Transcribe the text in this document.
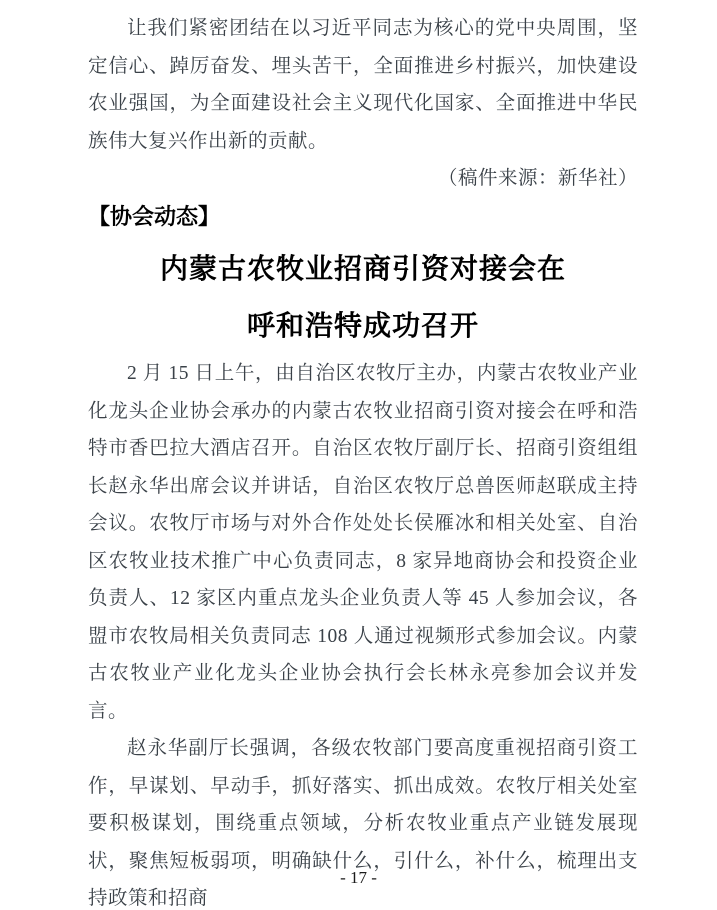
让我们紧密团结在以习近平同志为核心的党中央周围，坚定信心、踔厉奋发、埋头苦干，全面推进乡村振兴，加快建设农业强国，为全面建设社会主义现代化国家、全面推进中华民族伟大复兴作出新的贡献。

（稿件来源：新华社）

【协会动态】
内蒙古农牧业招商引资对接会在
呼和浩特成功召开

2 月 15 日上午，由自治区农牧厅主办，内蒙古农牧业产业化龙头企业协会承办的内蒙古农牧业招商引资对接会在呼和浩特市香巴拉大酒店召开。自治区农牧厅副厅长、招商引资组组长赵永华出席会议并讲话，自治区农牧厅总兽医师赵联成主持会议。农牧厅市场与对外合作处处长侯雁冰和相关处室、自治区农牧业技术推广中心负责同志，8 家异地商协会和投资企业负责人、12 家区内重点龙头企业负责人等 45 人参加会议，各盟市农牧局相关负责同志 108 人通过视频形式参加会议。内蒙古农牧业产业化龙头企业协会执行会长林永亮参加会议并发言。

赵永华副厅长强调，各级农牧部门要高度重视招商引资工作，早谋划、早动手，抓好落实、抓出成效。农牧厅相关处室要积极谋划，围绕重点领域，分析农牧业重点产业链发展现状，聚焦短板弱项，明确缺什么，引什么，补什么，梳理出支持政策和招商

- 17 -
